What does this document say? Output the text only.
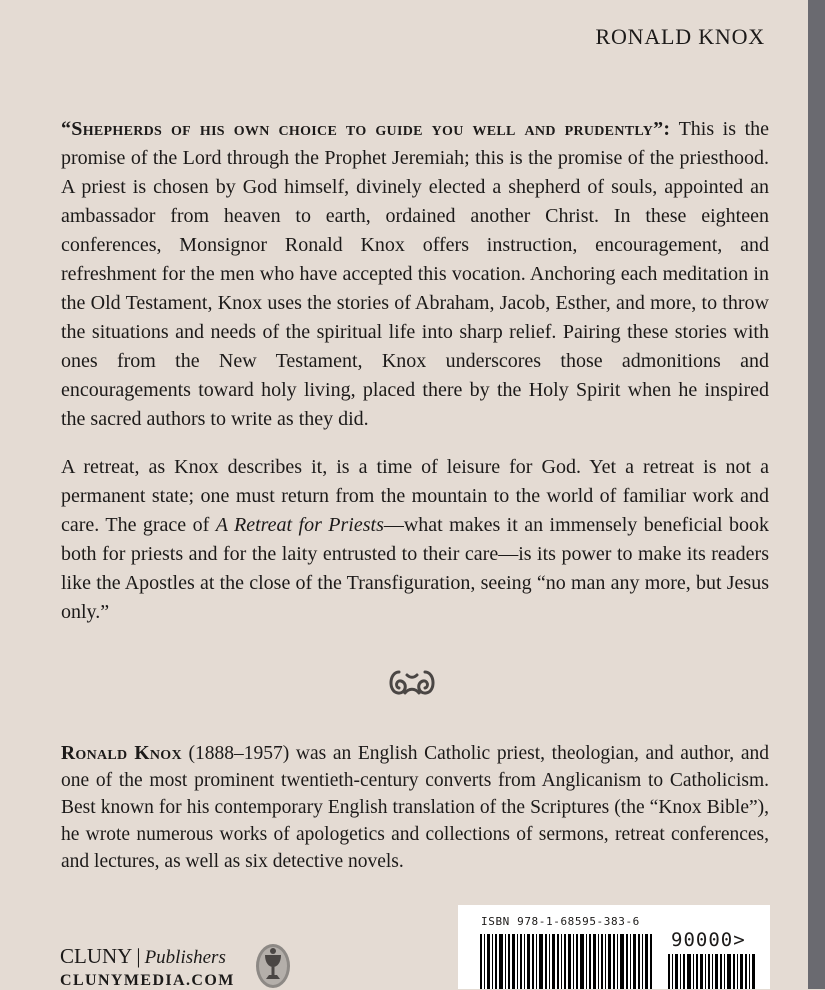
RONALD KNOX

“Shepherds of his own choice to guide you well and prudently”: This is the promise of the Lord through the Prophet Jeremiah; this is the promise of the priesthood. A priest is chosen by God himself, divinely elected a shepherd of souls, appointed an ambassador from heaven to earth, ordained another Christ. In these eighteen conferences, Monsignor Ronald Knox offers instruction, encouragement, and refreshment for the men who have accepted this vocation. Anchoring each meditation in the Old Testament, Knox uses the stories of Abraham, Jacob, Esther, and more, to throw the situations and needs of the spiritual life into sharp relief. Pairing these stories with ones from the New Testament, Knox underscores those admonitions and encouragements toward holy living, placed there by the Holy Spirit when he inspired the sacred authors to write as they did.

A retreat, as Knox describes it, is a time of leisure for God. Yet a retreat is not a permanent state; one must return from the mountain to the world of familiar work and care. The grace of A Retreat for Priests—what makes it an immensely beneficial book both for priests and for the laity entrusted to their care—is its power to make its readers like the Apostles at the close of the Transfiguration, seeing “no man any more, but Jesus only.”

Ronald Knox (1888–1957) was an English Catholic priest, theologian, and author, and one of the most prominent twentieth-century converts from Anglicanism to Catholicism. Best known for his contemporary English translation of the Scriptures (the “Knox Bible”), he wrote numerous works of apologetics and collections of sermons, retreat conferences, and lectures, as well as six detective novels.

CLUNY | Publishers
CLUNYMEDIA.COM
ISBN 978-1-68595-383-6
90000>
